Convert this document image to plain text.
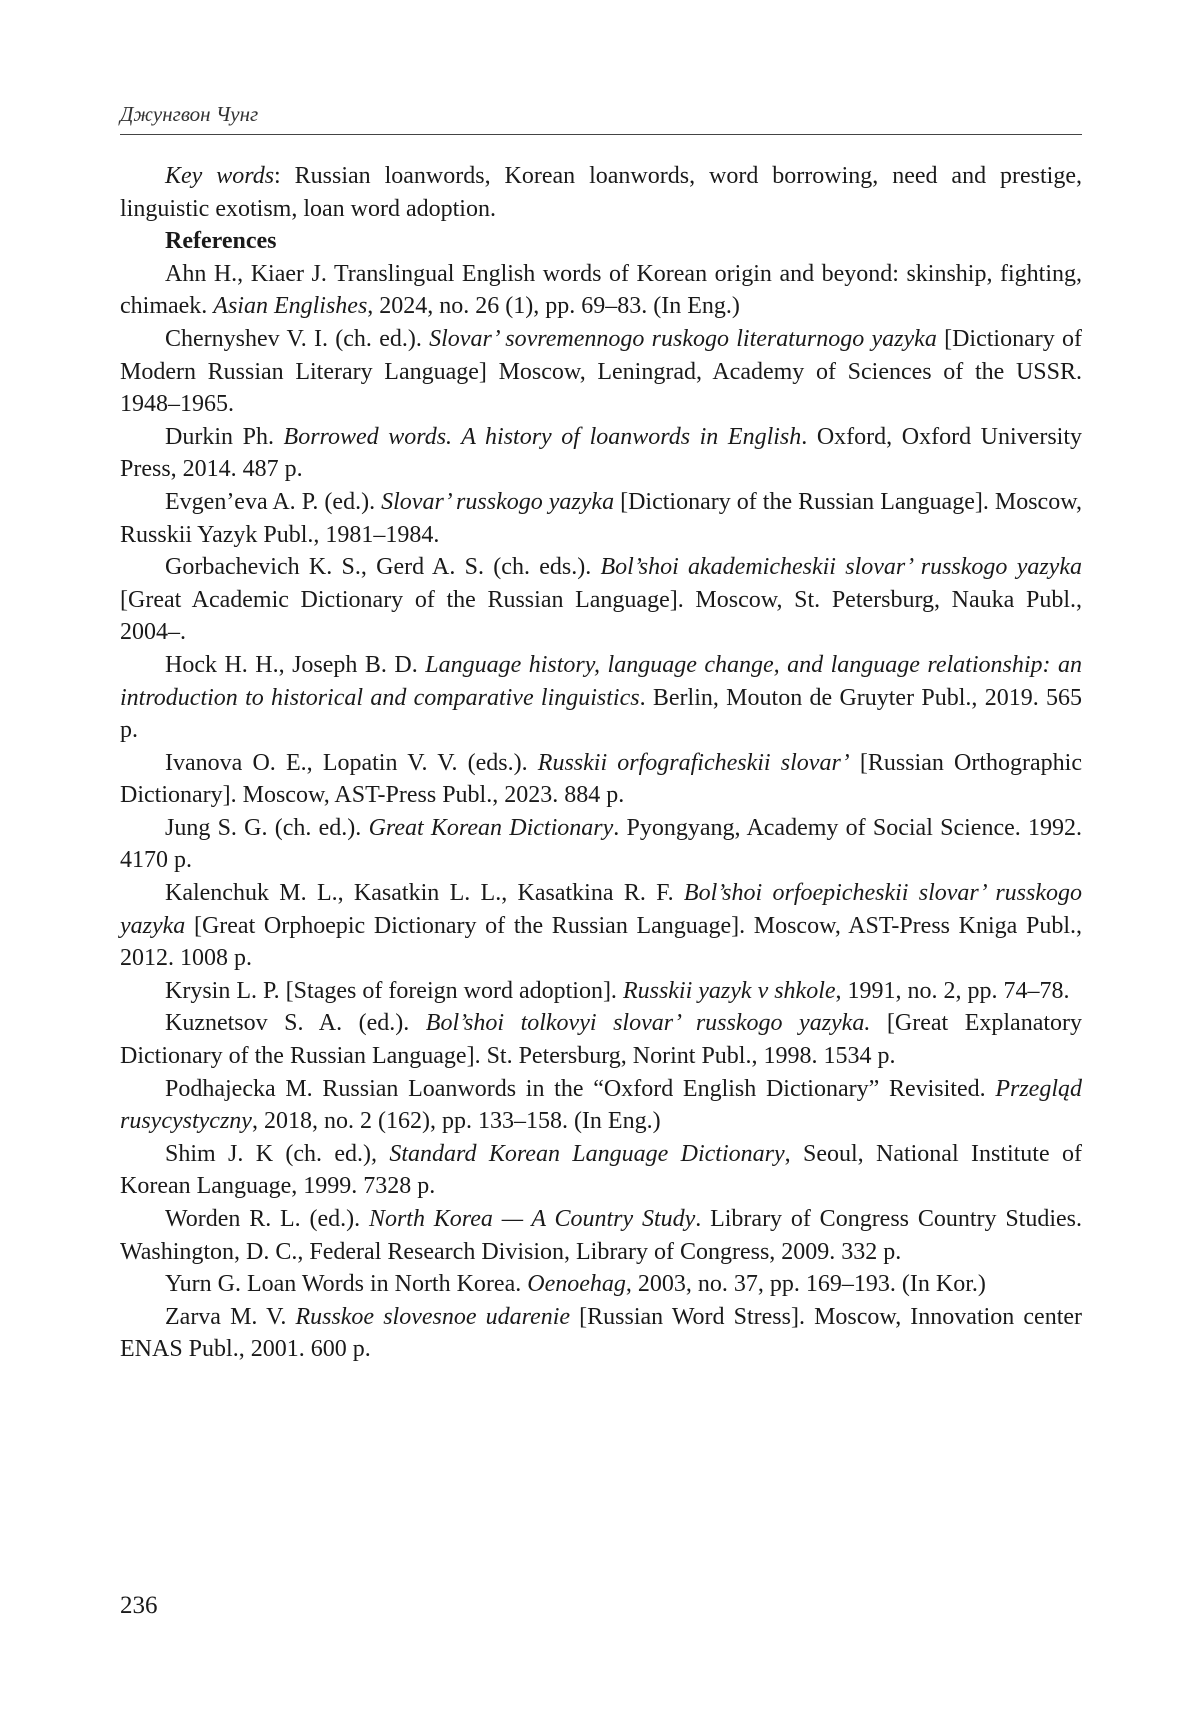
Джунгвон Чунг

Key words: Russian loanwords, Korean loanwords, word borrowing, need and prestige, linguistic exotism, loan word adoption.

References

Ahn H., Kiaer J. Translingual English words of Korean origin and beyond: skinship, fighting, chimaek. Asian Englishes, 2024, no. 26 (1), pp. 69–83. (In Eng.)

Chernyshev V. I. (ch. ed.). Slovar’ sovremennogo ruskogo literaturnogo yazyka [Dictionary of Modern Russian Literary Language] Moscow, Leningrad, Academy of Sciences of the USSR. 1948–1965.

Durkin Ph. Borrowed words. A history of loanwords in English. Oxford, Oxford University Press, 2014. 487 p.

Evgen’eva A. P. (ed.). Slovar’ russkogo yazyka [Dictionary of the Russian Language]. Moscow, Russkii Yazyk Publ., 1981–1984.

Gorbachevich K. S., Gerd A. S. (ch. eds.). Bol’shoi akademicheskii slovar’ russkogo yazyka [Great Academic Dictionary of the Russian Language]. Moscow, St. Petersburg, Nauka Publ., 2004–.

Hock H. H., Joseph B. D. Language history, language change, and language relationship: an introduction to historical and comparative linguistics. Berlin, Mouton de Gruyter Publ., 2019. 565 p.

Ivanova O. E., Lopatin V. V. (eds.). Russkii orfograficheskii slovar’ [Russian Orthographic Dictionary]. Moscow, AST-Press Publ., 2023. 884 p.

Jung S. G. (ch. ed.). Great Korean Dictionary. Pyongyang, Academy of Social Science. 1992. 4170 p.

Kalenchuk M. L., Kasatkin L. L., Kasatkina R. F. Bol’shoi orfoepicheskii slovar’ russkogo yazyka [Great Orphoepic Dictionary of the Russian Language]. Moscow, AST-Press Kniga Publ., 2012. 1008 p.

Krysin L. P. [Stages of foreign word adoption]. Russkii yazyk v shkole, 1991, no. 2, pp. 74–78.

Kuznetsov S. A. (ed.). Bol’shoi tolkovyi slovar’ russkogo yazyka. [Great Explanatory Dictionary of the Russian Language]. St. Petersburg, Norint Publ., 1998. 1534 p.

Podhajecka M. Russian Loanwords in the “Oxford English Dictionary” Revisited. Przegląd rusycystyczny, 2018, no. 2 (162), pp. 133–158. (In Eng.)

Shim J. K (ch. ed.), Standard Korean Language Dictionary, Seoul, National Institute of Korean Language, 1999. 7328 p.

Worden R. L. (ed.). North Korea — A Country Study. Library of Congress Country Studies. Washington, D. C., Federal Research Division, Library of Congress, 2009. 332 p.

Yurn G. Loan Words in North Korea. Oenoehag, 2003, no. 37, pp. 169–193. (In Kor.)

Zarva M. V. Russkoe slovesnoe udarenie [Russian Word Stress]. Moscow, Innovation center ENAS Publ., 2001. 600 p.

236
